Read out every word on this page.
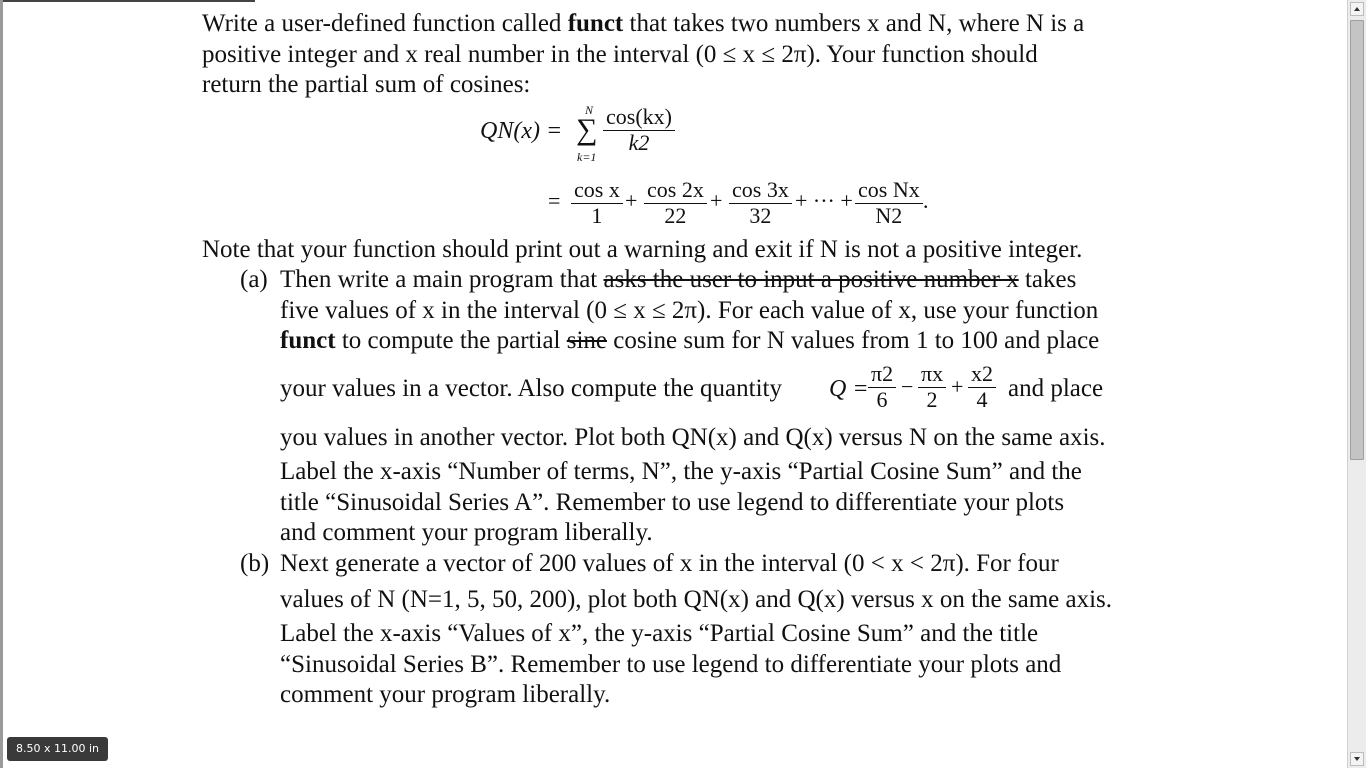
Write a user-defined function called funct that takes two numbers x and N, where N is a
positive integer and x real number in the interval (0 ≤ x ≤ 2π). Your function should
return the partial sum of cosines:
QN(x) =
N
∑
k=1
$\frac{\cos(kx)}{k2}$
= $\frac{\text{cos x}}{1} + \frac{\cos 2x}{22} + \frac{\cos 3x}{32}$ + ··· + $\frac{\text{cos Nx}}{N2}$ .
Note that your function should print out a warning and exit if N is not a positive integer.
(a) Then write a main program that asks the user to input a positive number x takes
five values of x in the interval (0 ≤ x ≤ 2π). For each value of x, use your function
funct to compute the partial sine cosine sum for N values from 1 to 100 and place
your values in a vector. Also compute the quantity $Q = \frac{\pi 2}{6} - \frac{\pi x}{2} + \frac{x2}{4}$ and place
you values in another vector. Plot both QN(x) and Q(x) versus N on the same axis.
Label the x-axis “Number of terms, N”, the y-axis “Partial Cosine Sum” and the
title “Sinusoidal Series A”. Remember to use legend to differentiate your plots
and comment your program liberally.
(b) Next generate a vector of 200 values of x in the interval (0 < x < 2π). For four
values of N (N=1, 5, 50, 200), plot both QN(x) and Q(x) versus x on the same axis.
Label the x-axis “Values of x”, the y-axis “Partial Cosine Sum” and the title
“Sinusoidal Series B”. Remember to use legend to differentiate your plots and
comment your program liberally.
8.50 x 11.00 in
